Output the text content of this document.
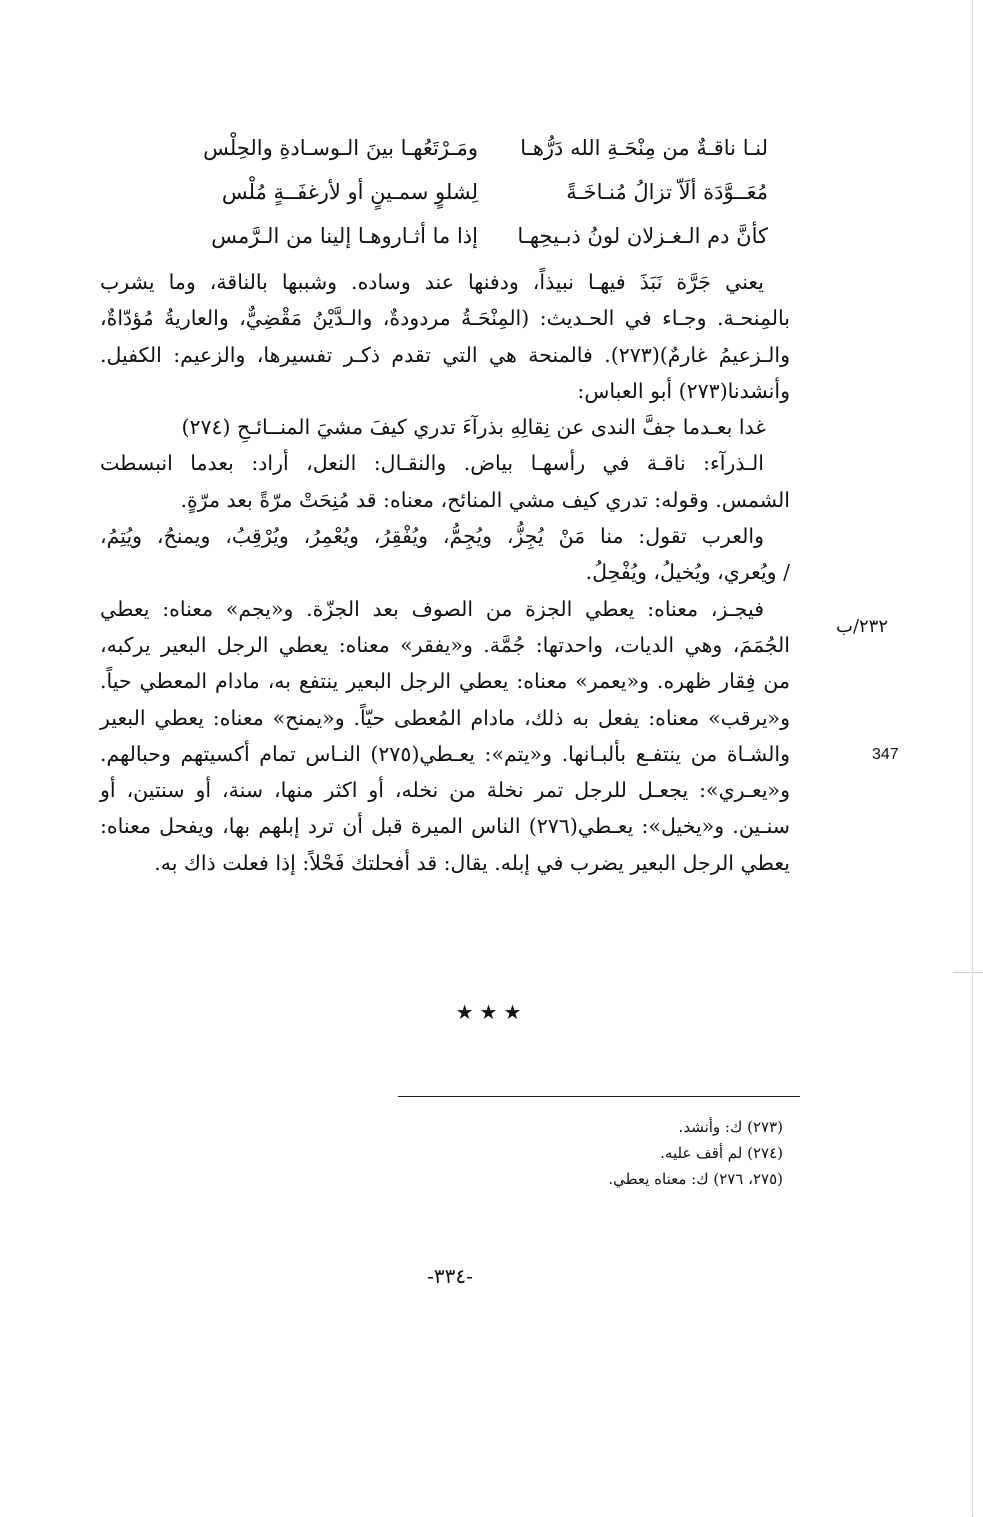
لنـا ناقـةٌ من مِنْحَـةِ الله دَرُّهـا
ومَـرْتَعُهـا بينَ الـوسـادةِ والحِلْس
مُعَــوَّدَة ألَاّ تزالُ مُنـاخَـةً
لِشلوٍ سمـينٍ أو لأرغفَــةٍ مُلْس
كأنَّ دم الـغـزلان لونُ ذبـيحِهـا
إذا ما أثـاروهـا إلينا من الـرَّمس

يعني جَرَّة نَبَذَ فيهـا نبيذاً، ودفنها عند وساده. وشببها بالناقة، وما يشرب

بالمِنحـة. وجـاء في الحـديث: (المِنْحَـةُ مردودةٌ، والـدَّيْنُ مَقْضِيٌّ، والعاريةُ مُؤدّاةٌ،

والـزعيمُ غارمٌ)(٢٧٣). فالمنحة هي التي تقدم ذكـر تفسيرها، والزعيم: الكفيل.

وأنشدنا(٢٧٣) أبو العباس:

غدا بعـدما جفَّ الندى عن نِقالِهِ بذرآءَ تدري كيفَ مشيَ المنــائـحِ (٢٧٤)

الـذرآء: ناقـة في رأسهـا بياض. والنقـال: النعل، أراد: بعدما انبسطت

الشمس. وقوله: تدري كيف مشي المنائح، معناه: قد مُنِحَتْ مرّةً بعد مرّةٍ.

والعرب تقول: منا مَنْ يُجِزُّ، ويُجِمُّ، ويُفْقِرُ، ويُعْمِرُ، ويُرْقِبُ، ويمنحُ، ويُتِمُ،

/ ويُعري، ويُخيلُ، ويُفْحِلُ.

فيجـز، معناه: يعطي الجزة من الصوف بعد الجزّة. و«يجم» معناه: يعطي

الجُمَمَ، وهي الديات، واحدتها: جُمَّة. و«يفقر» معناه: يعطي الرجل البعير يركبه،

من فِقار ظهره. و«يعمر» معناه: يعطي الرجل البعير ينتفع به، مادام المعطي حياً.

و«يرقب» معناه: يفعل به ذلك، مادام المُعطى حيّاً. و«يمنح» معناه: يعطي البعير

والشـاة من ينتفـع بألبـانها. و«يتم»: يعـطي(٢٧٥) النـاس تمام أكسيتهم وحبالهم.

و«يعـري»: يجعـل للرجل تمر نخلة من نخله، أو اكثر منها، سنة، أو سنتين، أو

سنـين. و«يخيل»: يعـطي(٢٧٦) الناس الميرة قبل أن ترد إبلهم بها، ويفحل معناه:

يعطي الرجل البعير يضرب في إبله. يقال: قد أفحلتك فَحْلاً: إذا فعلت ذاك به.

٢٣٢/ب
347
★★★
(٢٧٣) ك: وأنشد.
(٢٧٤) لم أقف عليه.
(٢٧٥، ٢٧٦) ك: معناه يعطي.
-٣٣٤-
